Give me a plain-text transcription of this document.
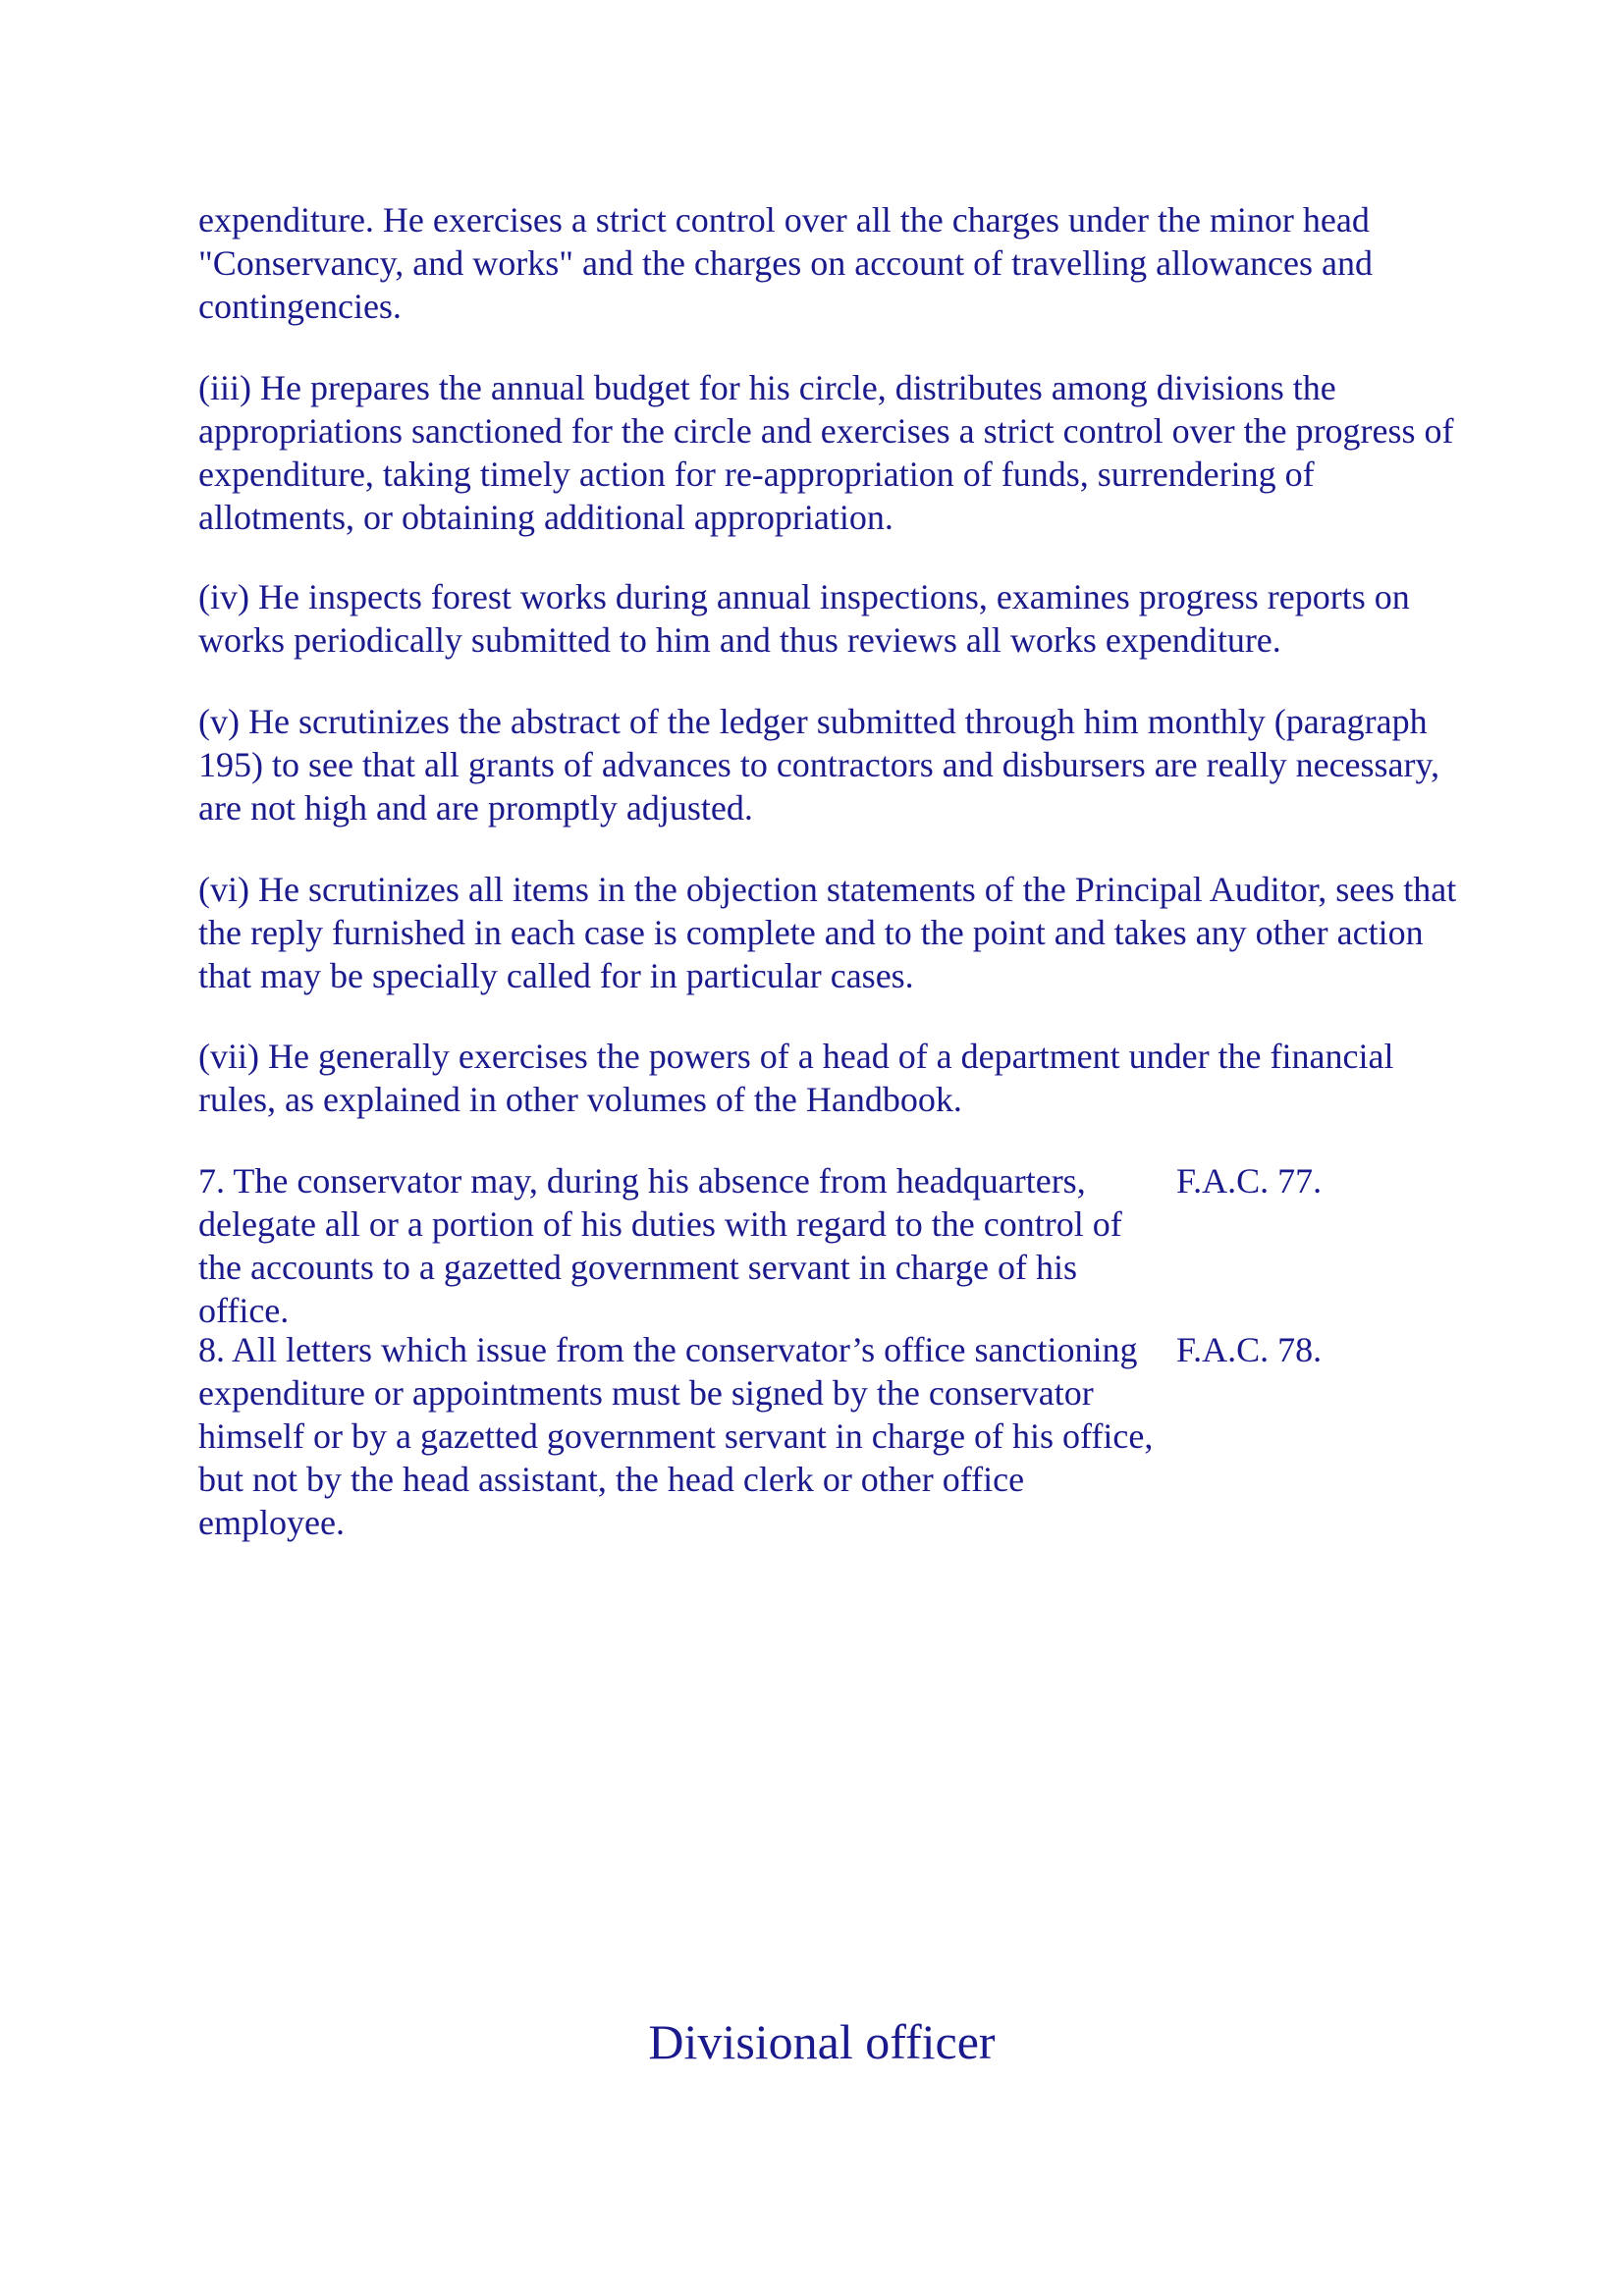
expenditure. He exercises a strict control over all the charges under the minor head "Conservancy, and works" and the charges on account of travelling allowances and contingencies.

(iii) He prepares the annual budget for his circle, distributes among divisions the appropriations sanctioned for the circle and exercises a strict control over the progress of expenditure, taking timely action for re-appropriation of funds, surrendering of allotments, or obtaining additional appropriation.

(iv) He inspects forest works during annual inspections, examines progress reports on works periodically submitted to him and thus reviews all works expenditure.

(v) He scrutinizes the abstract of the ledger submitted through him monthly (paragraph 195) to see that all grants of advances to contractors and disbursers are really necessary, are not high and are promptly adjusted.

(vi) He scrutinizes all items in the objection statements of the Principal Auditor, sees that the reply furnished in each case is complete and to the point and takes any other action that may be specially called for in particular cases.

(vii) He generally exercises the powers of a head of a department under the financial rules, as explained in other volumes of the Handbook.

7. The conservator may, during his absence from headquarters, delegate all or a portion of his duties with regard to the control of the accounts to a gazetted government servant in charge of his office.

F.A.C. 77.

8. All letters which issue from the conservator’s office sanctioning expenditure or appointments must be signed by the conservator himself or by a gazetted government servant in charge of his office, but not by the head assistant, the head clerk or other office employee.

F.A.C. 78.
Divisional officer
